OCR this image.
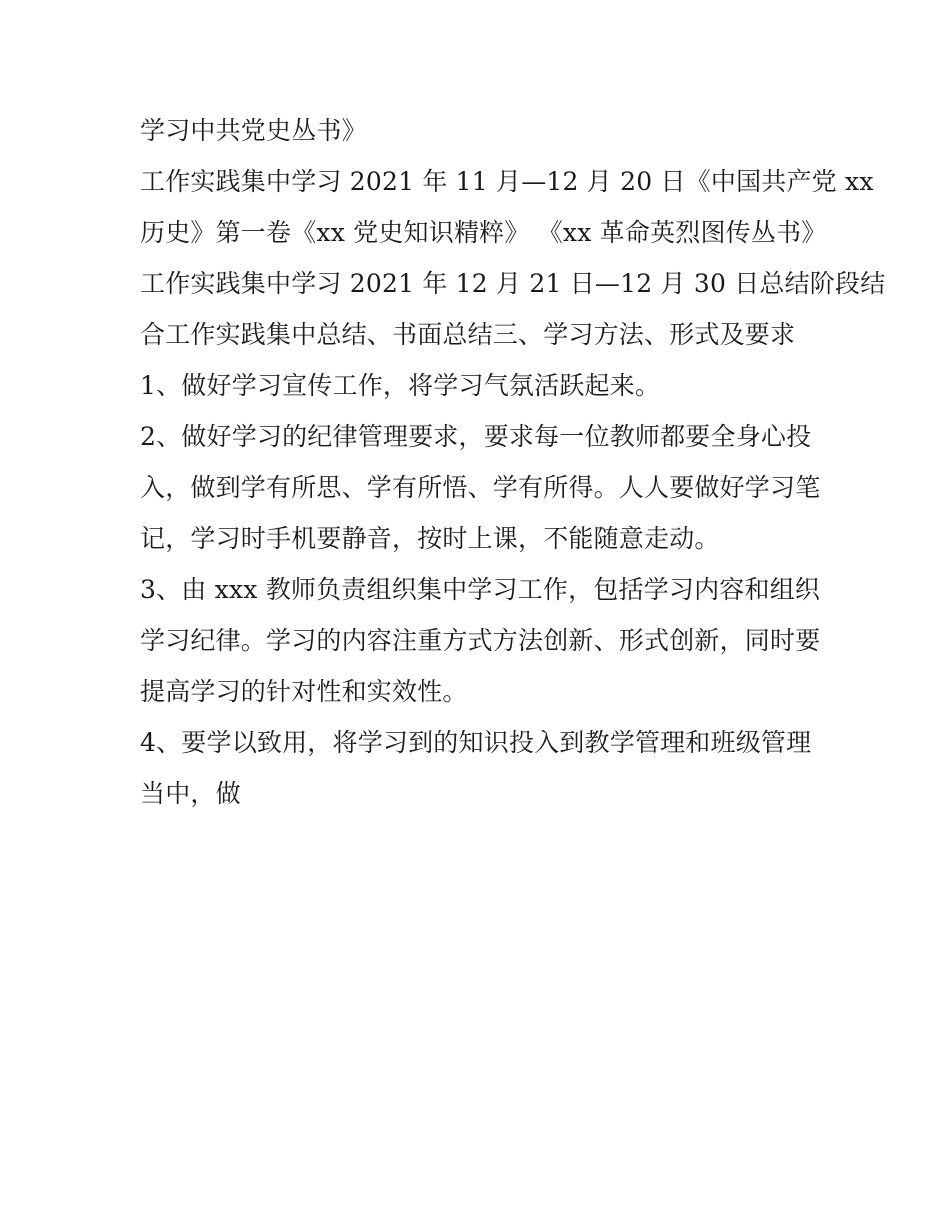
学习中共党史丛书》
工作实践集中学习 2021 年 11 月—12 月 20 日《中国共产党 xx
历史》第一卷《xx 党史知识精粹》 《xx 革命英烈图传丛书》
工作实践集中学习 2021 年 12 月 21 日—12 月 30 日总结阶段结
合工作实践集中总结、书面总结三、学习方法、形式及要求
1、做好学习宣传工作，将学习气氛活跃起来。
2、做好学习的纪律管理要求，要求每一位教师都要全身心投
入，做到学有所思、学有所悟、学有所得。人人要做好学习笔
记，学习时手机要静音，按时上课，不能随意走动。
3、由 xxx 教师负责组织集中学习工作，包括学习内容和组织
学习纪律。学习的内容注重方式方法创新、形式创新，同时要
提高学习的针对性和实效性。
4、要学以致用，将学习到的知识投入到教学管理和班级管理
当中，做
